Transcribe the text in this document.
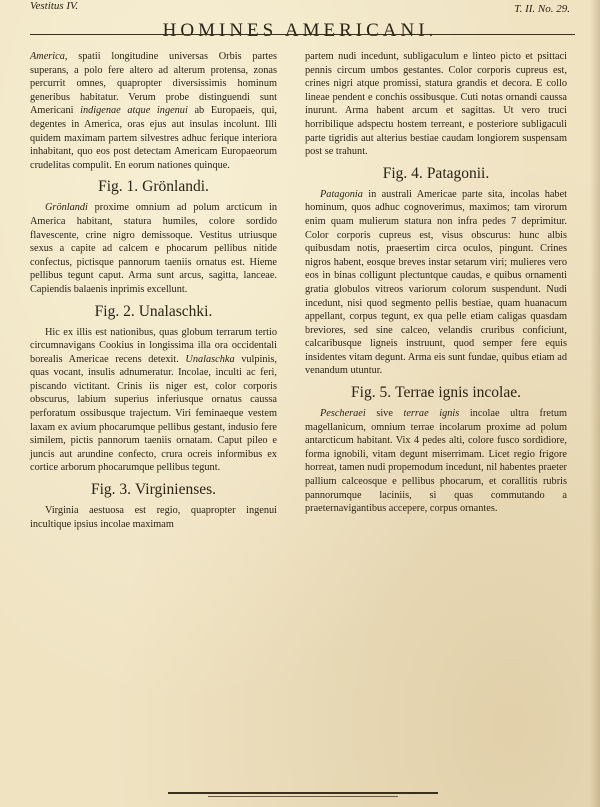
Vestitus IV.
HOMINES AMERICANI.
T. II. No. 29.

America, spatii longitudine universas Orbis partes superans, a polo fere altero ad alterum protensa, zonas percurrit omnes, quapropter diversissimis hominum generibus habitatur. Verum probe distinguendi sunt Americani indigenae atque ingenui ab Europaeis, qui, degentes in America, oras ejus aut insulas incolunt. Illi quidem maximam partem silvestres adhuc ferique interiora inhabitant, quo eos post detectam Americam Europaeorum crudelitas compulit. En eorum nationes quinque.

Fig. 1. Grönlandi.

Grönlandi proxime omnium ad polum arcticum in America habitant, statura humiles, colore sordido flavescente, crine nigro demissoque. Vestitus utriusque sexus a capite ad calcem e phocarum pellibus nitide confectus, pictisque pannorum taeniis ornatus est. Hieme pellibus tegunt caput. Arma sunt arcus, sagitta, lanceae. Capiendis balaenis inprimis excellunt.

Fig. 2. Unalaschki.

Hic ex illis est nationibus, quas globum terrarum tertio circumnavigans Cookius in longissima illa ora occidentali borealis Americae recens detexit. Unalaschka vulpinis, quas vocant, insulis adnumeratur. Incolae, inculti ac feri, piscando victitant. Crinis iis niger est, color corporis obscurus, labium superius inferiusque ornatus caussa perforatum ossibusque trajectum. Viri feminaeque vestem laxam ex avium phocarumque pellibus gestant, indusio fere similem, pictis pannorum taeniis ornatam. Caput pileo e juncis aut arundine confecto, crura ocreis informibus ex cortice arborum phocarumque pellibus tegunt.

Fig. 3. Virginienses.

Virginia aestuosa est regio, quapropter ingenui incultique ipsius incolae maximam

partem nudi incedunt, subligaculum e linteo picto et psittaci pennis circum umbos gestantes. Color corporis cupreus est, crines nigri atque promissi, statura grandis et decora. E collo lineae pendent e conchis ossibusque. Cuti notas ornandi caussa inurunt. Arma habent arcum et sagittas. Ut vero truci horribilique adspectu hostem terreant, e posteriore subligaculi parte tigridis aut alterius bestiae caudam longiorem suspensam post se trahunt.

Fig. 4. Patagonii.

Patagonia in australi Americae parte sita, incolas habet hominum, quos adhuc cognoverimus, maximos; tam virorum enim quam mulierum statura non infra pedes 7 deprimitur. Color corporis cupreus est, visus obscurus: hunc albis quibusdam notis, praesertim circa oculos, pingunt. Crines nigros habent, eosque breves instar setarum viri; mulieres vero eos in binas colligunt plectuntque caudas, e quibus ornamenti gratia globulos vitreos variorum colorum suspendunt. Nudi incedunt, nisi quod segmento pellis bestiae, quam huanacum appellant, corpus tegunt, ex qua pelle etiam caligas quasdam breviores, sed sine calceo, velandis cruribus conficiunt, calcaribusque ligneis instruunt, quod semper fere equis insidentes vitam degunt. Arma eis sunt fundae, quibus etiam ad venandum utuntur.

Fig. 5. Terrae ignis incolae.

Pescheraei sive terrae ignis incolae ultra fretum magellanicum, omnium terrae incolarum proxime ad polum antarcticum habitant. Vix 4 pedes alti, colore fusco sordidiore, forma ignobili, vitam degunt miserrimam. Licet regio frigore horreat, tamen nudi propemodum incedunt, nil habentes praeter pallium calceosque e pellibus phocarum, et corallitis rubris pannorumque laciniis, si quas commutando a praeternavigantibus accepere, corpus ornantes.
